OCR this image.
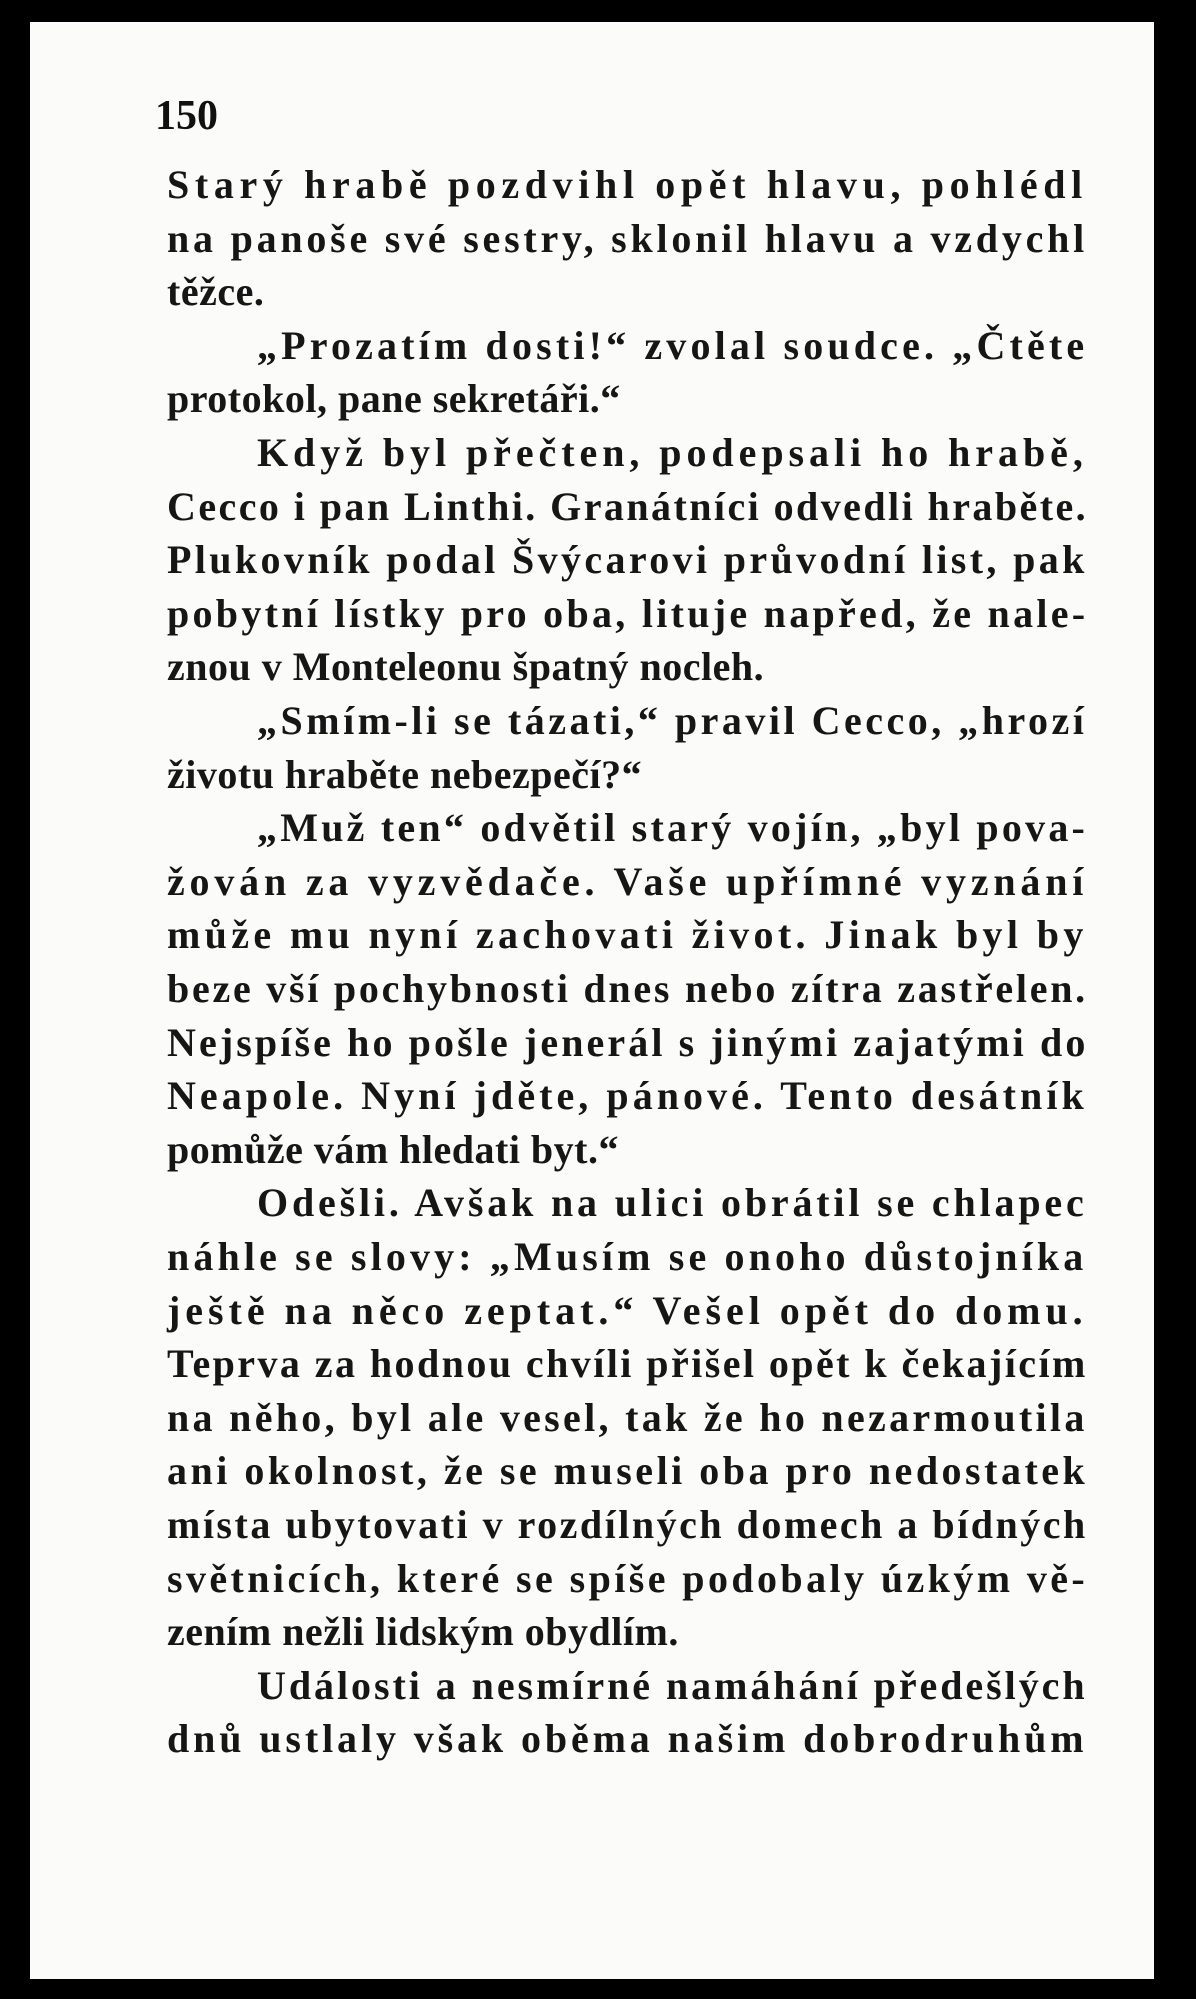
150
Starý hrabě pozdvihl opět hlavu, pohlédl
na panoše své sestry, sklonil hlavu a vzdychl
těžce.
„Prozatím dosti!“ zvolal soudce. „Čtěte
protokol, pane sekretáři.“
Když byl přečten, podepsali ho hrabě,
Cecco i pan Linthi. Granátníci odvedli hraběte.
Plukovník podal Švýcarovi průvodní list, pak
pobytní lístky pro oba, lituje napřed, že nale-
znou v Monteleonu špatný nocleh.
„Smím-li se tázati,“ pravil Cecco, „hrozí
životu hraběte nebezpečí?“
„Muž ten“ odvětil starý vojín, „byl pova-
žován za vyzvědače. Vaše upřímné vyznání
může mu nyní zachovati život. Jinak byl by
beze vší pochybnosti dnes nebo zítra zastřelen.
Nejspíše ho pošle jenerál s jinými zajatými do
Neapole. Nyní jděte, pánové. Tento desátník
pomůže vám hledati byt.“
Odešli. Avšak na ulici obrátil se chlapec
náhle se slovy: „Musím se onoho důstojníka
ještě na něco zeptat.“ Vešel opět do domu.
Teprva za hodnou chvíli přišel opět k čekajícím
na něho, byl ale vesel, tak že ho nezarmoutila
ani okolnost, že se museli oba pro nedostatek
místa ubytovati v rozdílných domech a bídných
světnicích, které se spíše podobaly úzkým vě-
zením nežli lidským obydlím.
Události a nesmírné namáhání předešlých
dnů ustlaly však oběma našim dobrodruhům
